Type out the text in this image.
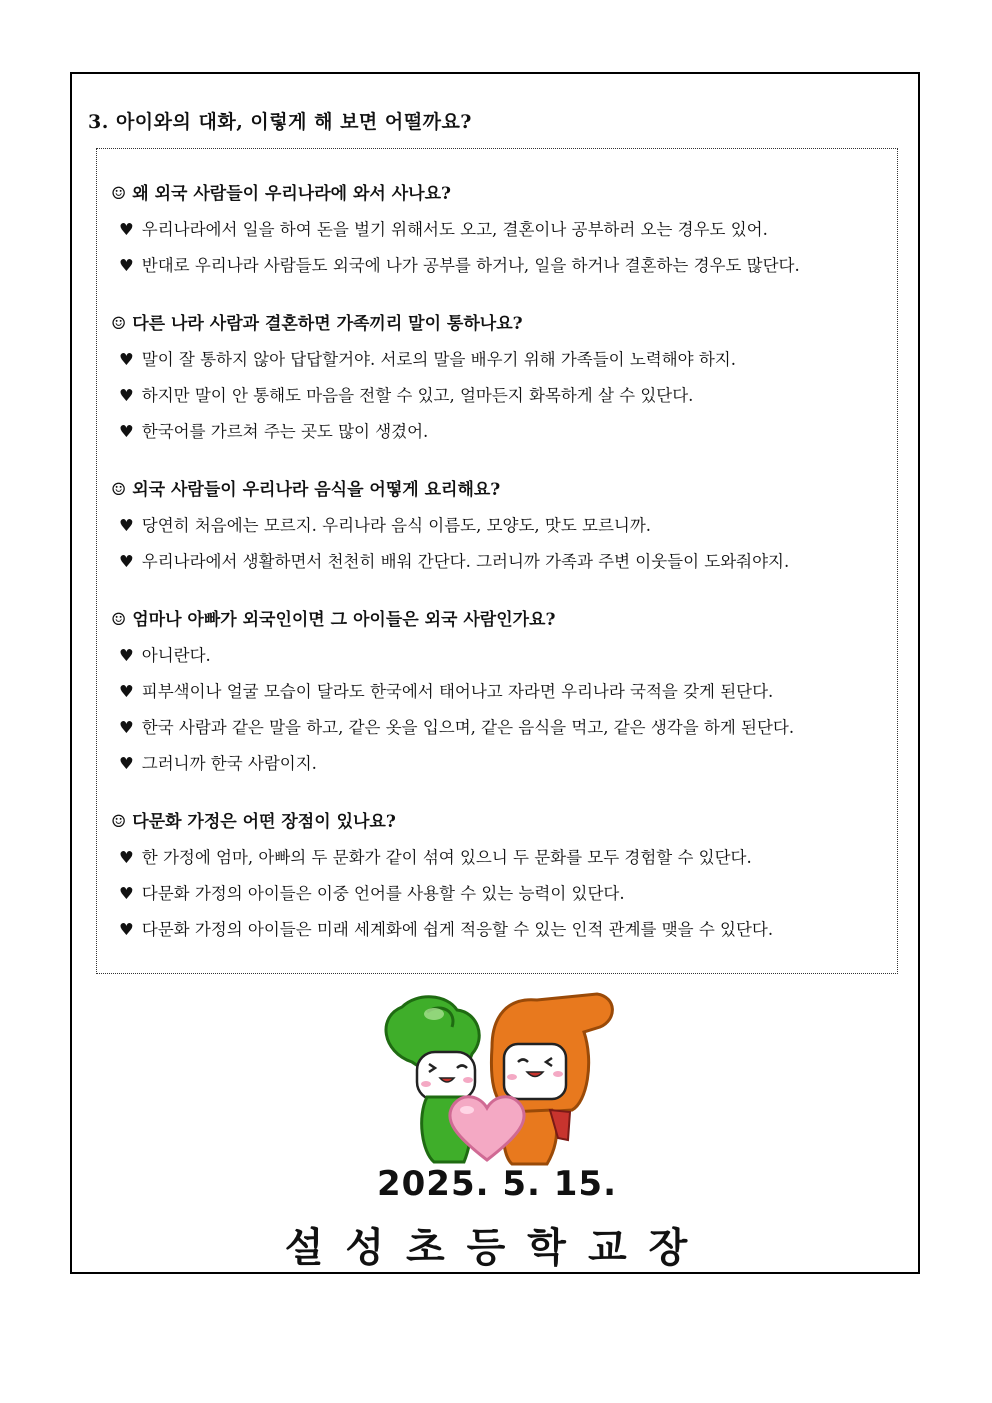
3. 아이와의 대화, 이렇게 해 보면 어떨까요?
☺ 왜 외국 사람들이 우리나라에 와서 사나요?
♥ 우리나라에서 일을 하여 돈을 벌기 위해서도 오고, 결혼이나 공부하러 오는 경우도 있어.
♥ 반대로 우리나라 사람들도 외국에 나가 공부를 하거나, 일을 하거나 결혼하는 경우도 많단다.
☺ 다른 나라 사람과 결혼하면 가족끼리 말이 통하나요?
♥ 말이 잘 통하지 않아 답답할거야. 서로의 말을 배우기 위해 가족들이 노력해야 하지.
♥ 하지만 말이 안 통해도 마음을 전할 수 있고, 얼마든지 화목하게 살 수 있단다.
♥ 한국어를 가르쳐 주는 곳도 많이 생겼어.
☺ 외국 사람들이 우리나라 음식을 어떻게 요리해요?
♥ 당연히 처음에는 모르지. 우리나라 음식 이름도, 모양도, 맛도 모르니까.
♥ 우리나라에서 생활하면서 천천히 배워 간단다. 그러니까 가족과 주변 이웃들이 도와줘야지.
☺ 엄마나 아빠가 외국인이면 그 아이들은 외국 사람인가요?
♥ 아니란다.
♥ 피부색이나 얼굴 모습이 달라도 한국에서 태어나고 자라면 우리나라 국적을 갖게 된단다.
♥ 한국 사람과 같은 말을 하고, 같은 옷을 입으며, 같은 음식을 먹고, 같은 생각을 하게 된단다.
♥ 그러니까 한국 사람이지.
☺ 다문화 가정은 어떤 장점이 있나요?
♥ 한 가정에 엄마, 아빠의 두 문화가 같이 섞여 있으니 두 문화를 모두 경험할 수 있단다.
♥ 다문화 가정의 아이들은 이중 언어를 사용할 수 있는 능력이 있단다.
♥ 다문화 가정의 아이들은 미래 세계화에 쉽게 적응할 수 있는 인적 관계를 맺을 수 있단다.
2025. 5. 15.
설성초등학교장
